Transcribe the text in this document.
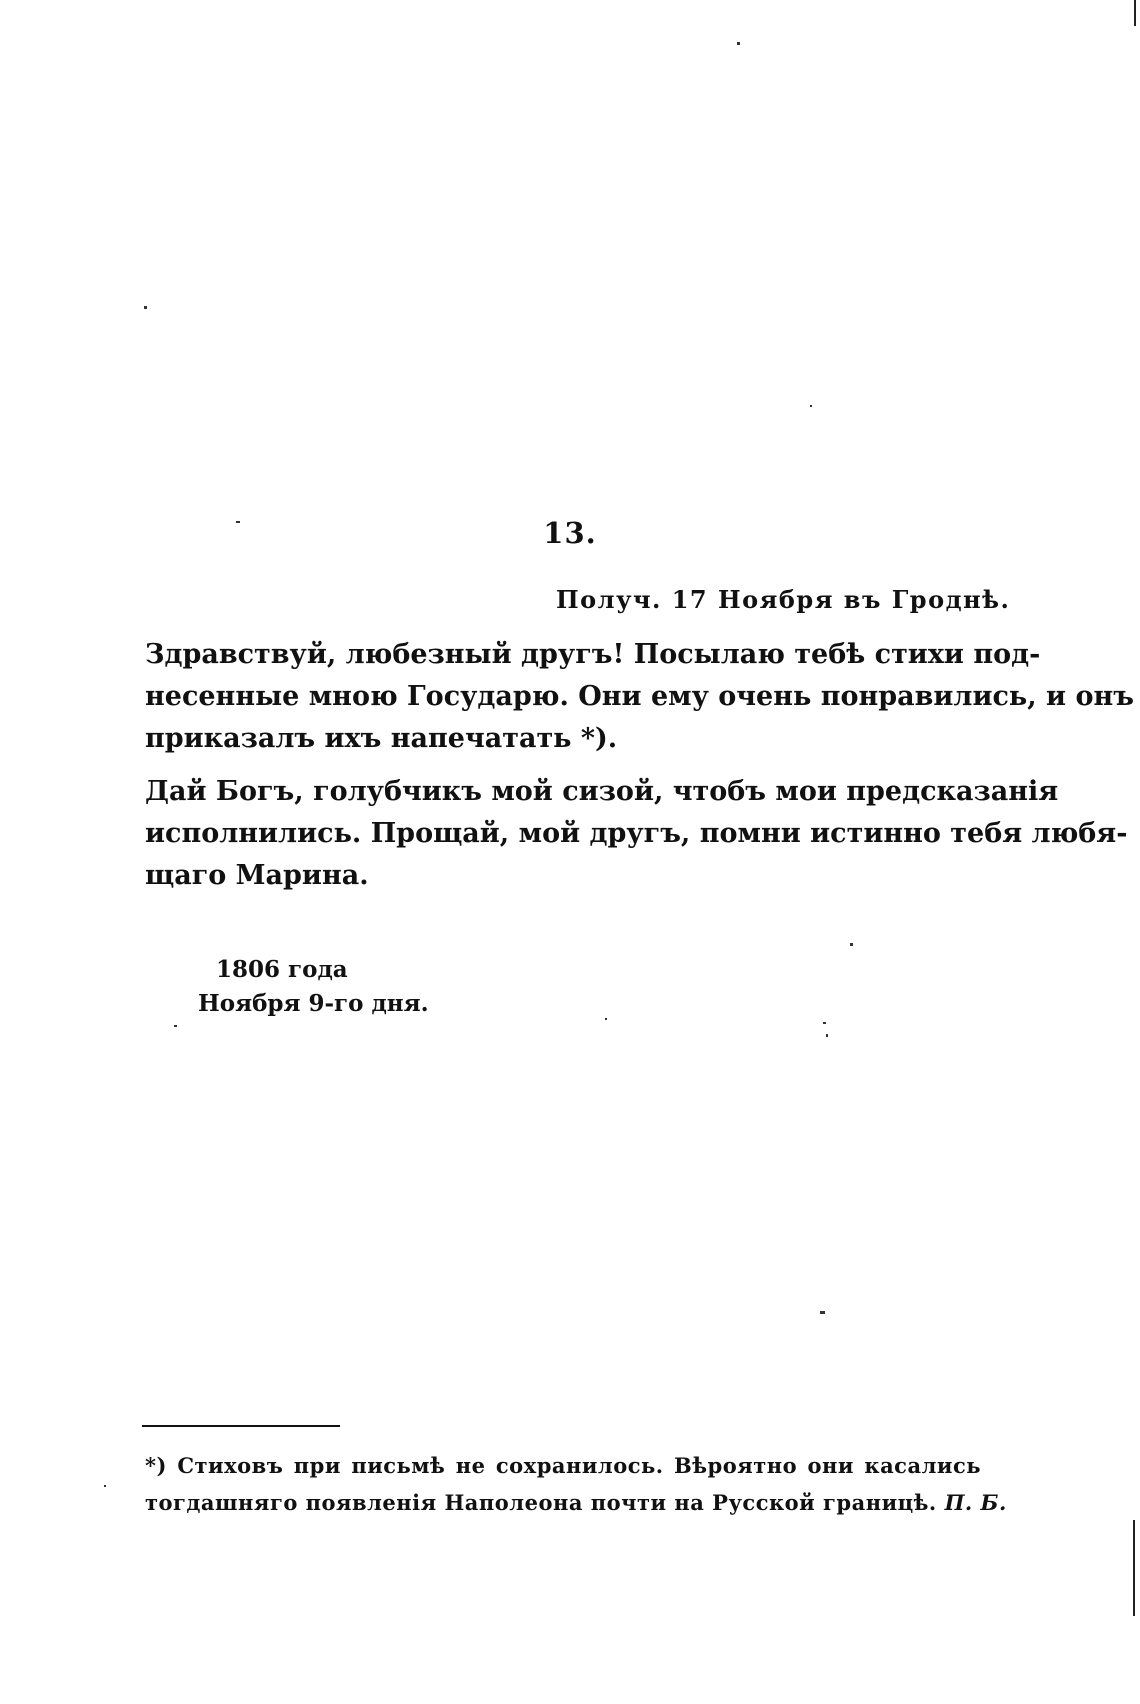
13.
Получ. 17 Ноября въ Гроднѣ.
Здравствуй, любезный другъ! Посылаю тебѣ стихи под-
несенные мною Государю. Они ему очень понравились, и онъ
приказалъ ихъ напечатать *).
Дай Богъ, голубчикъ мой сизой, чтобъ мои предсказанія
исполнились. Прощай, мой другъ, помни истинно тебя любя-
щаго Марина.
1806 года
Ноября 9-го дня.
*) Стиховъ при письмѣ не сохранилось. Вѣроятно они касались
тогдашняго появленія Наполеона почти на Русской границѣ. П. Б.
